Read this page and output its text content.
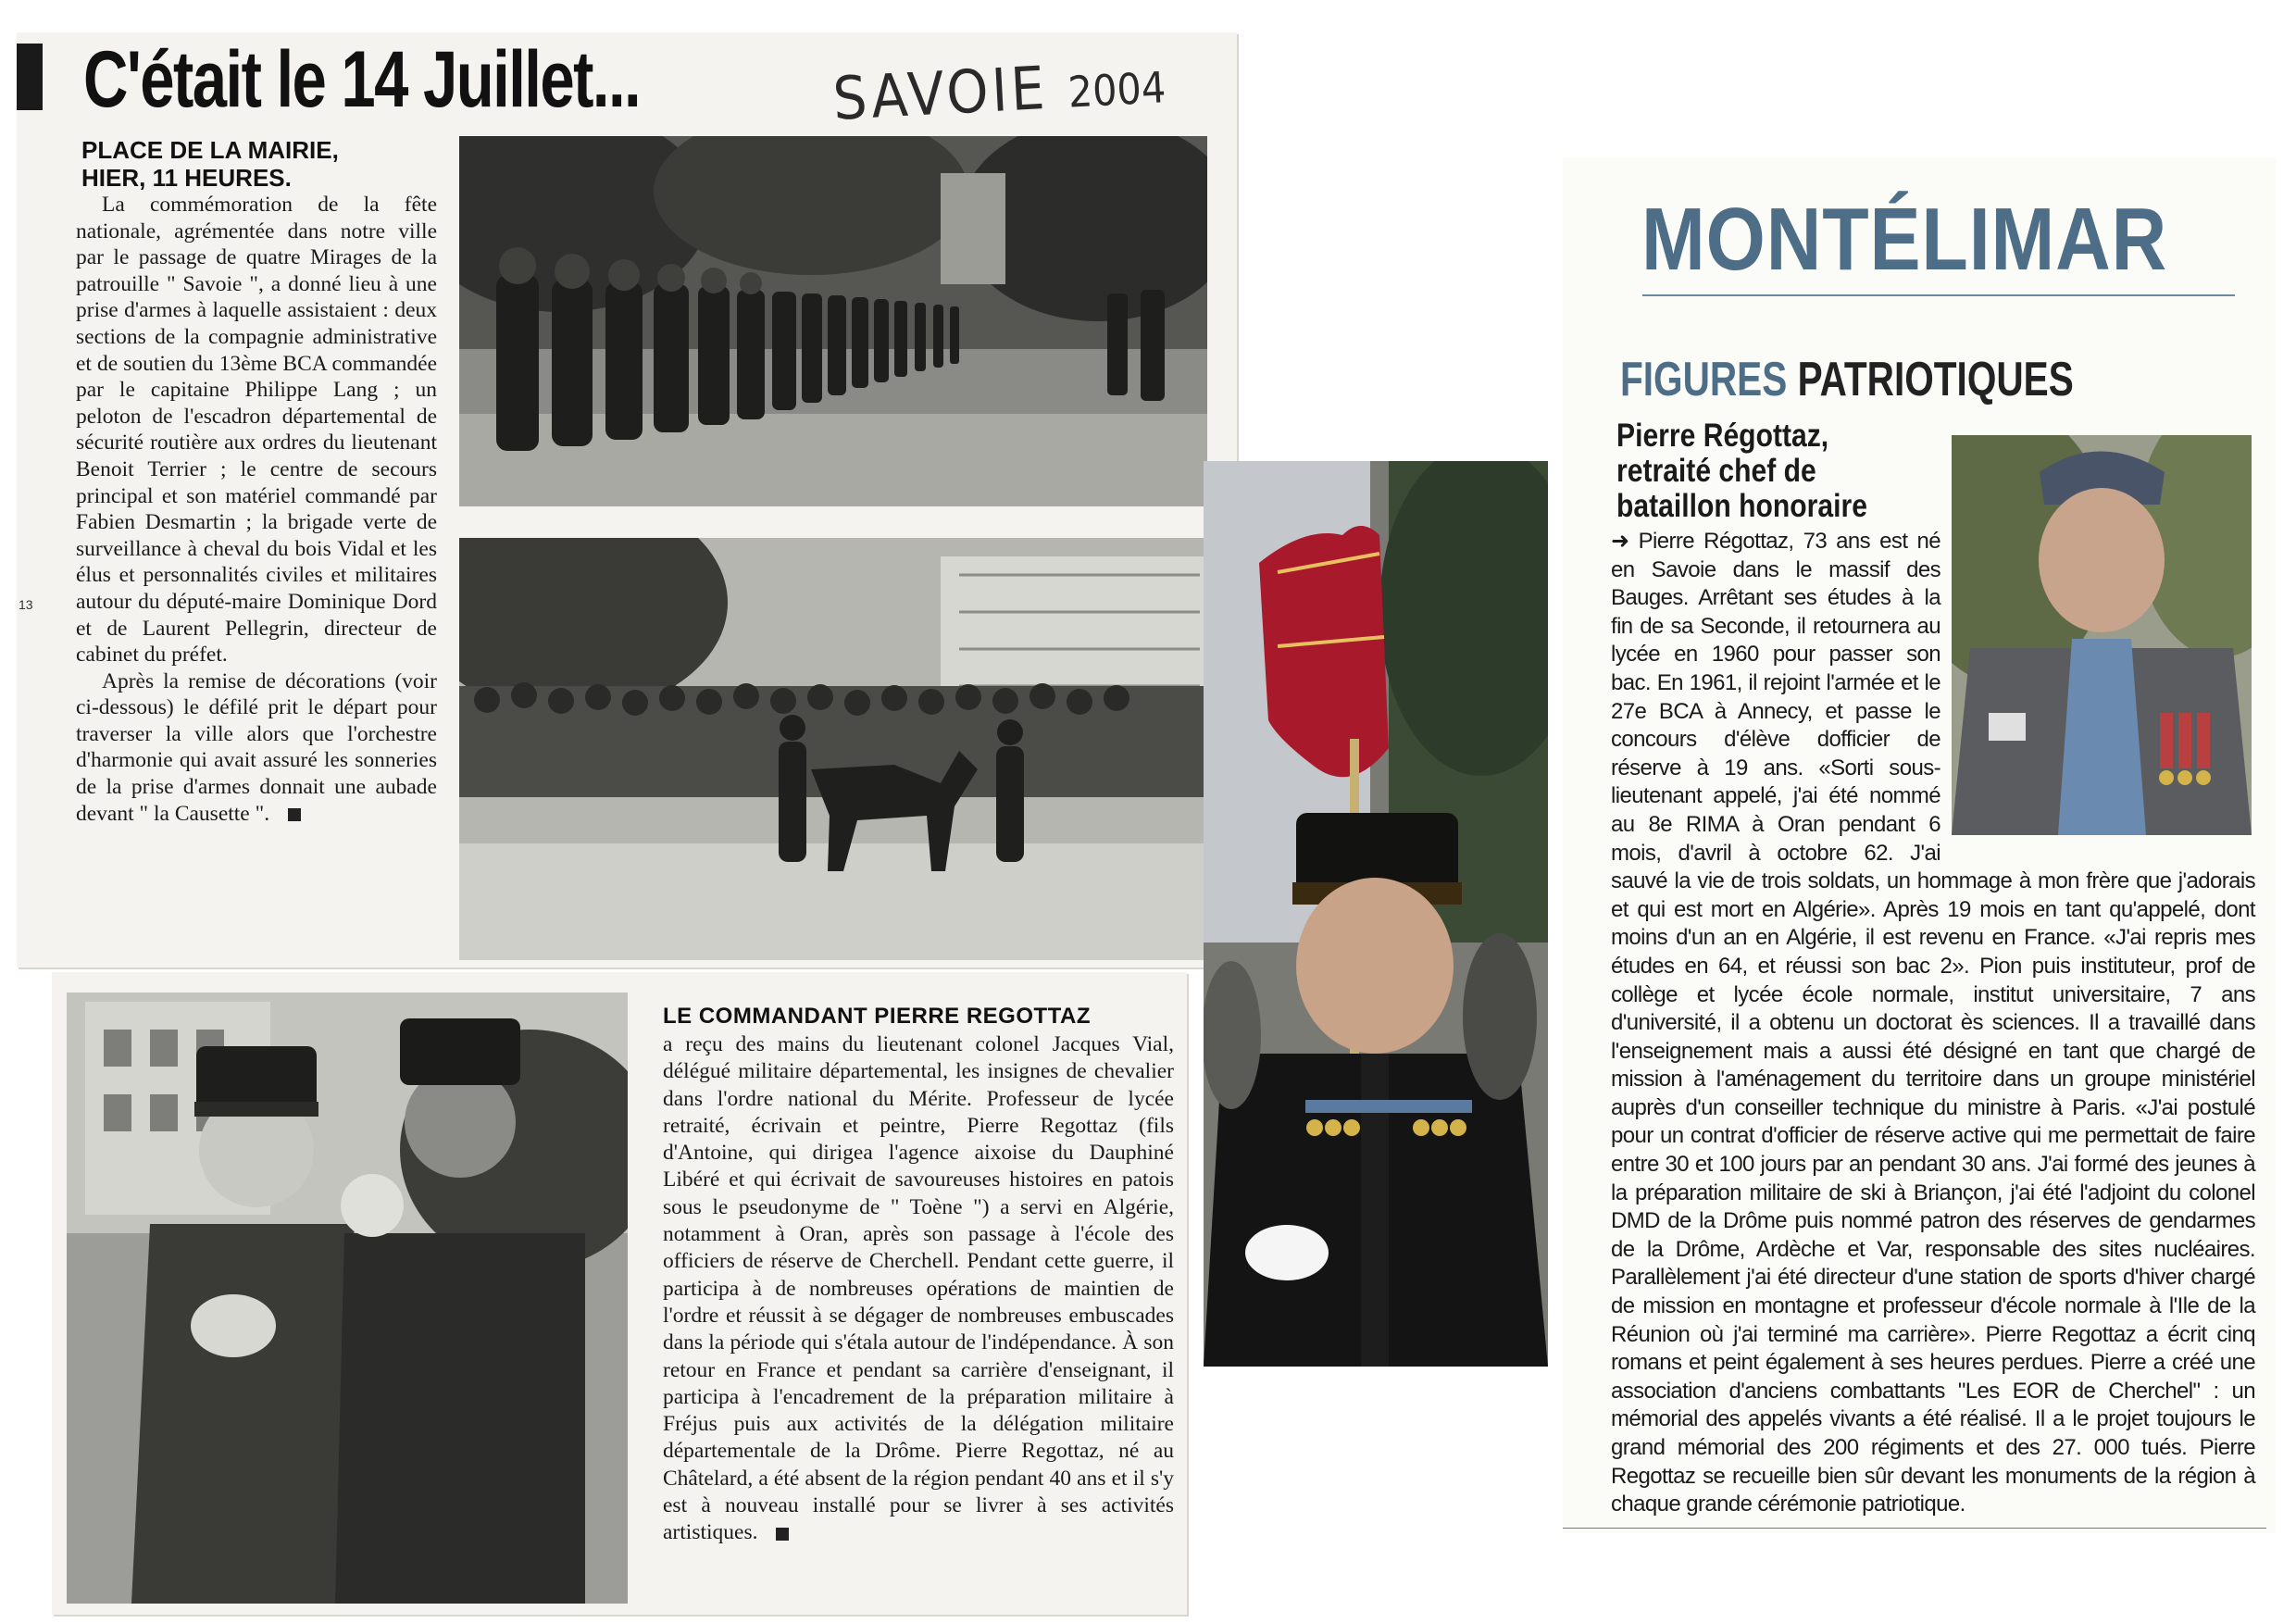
C'était le 14 Juillet...	SAVOIE 2004
PLACE DE LA MAIRIE,
HIER, 11 HEURES.

La commémoration de la fête nationale, agrémentée dans notre ville par le passage de quatre Mirages de la patrouille " Savoie ", a donné lieu à une prise d'armes à laquelle assistaient : deux sections de la compagnie administrative et de soutien du 13ème BCA commandée par le capitaine Philippe Lang ; un peloton de l'escadron départemental de sécurité routière aux ordres du lieutenant Benoit Terrier ; le centre de secours principal et son matériel commandé par Fabien Desmartin ; la brigade verte de surveillance à cheval du bois Vidal et les élus et personnalités civiles et militaires autour du député-maire Dominique Dord et de Laurent Pellegrin, directeur de cabinet du préfet.

Après la remise de décorations (voir ci-dessous) le défilé prit le départ pour traverser la ville alors que l'orchestre d'harmonie qui avait assuré les sonneries de la prise d'armes donnait une aubade devant " la Causette ".

13
LE COMMANDANT PIERRE REGOTTAZ

a reçu des mains du lieutenant colonel Jacques Vial, délégué militaire départemental, les insignes de chevalier dans l'ordre national du Mérite. Professeur de lycée retraité, écrivain et peintre, Pierre Regottaz (fils d'Antoine, qui dirigea l'agence aixoise du Dauphiné Libéré et qui écrivait de savoureuses histoires en patois sous le pseudonyme de " Toène ") a servi en Algérie, notamment à Oran, après son passage à l'école des officiers de réserve de Cherchell. Pendant cette guerre, il participa à de nombreuses opérations de maintien de l'ordre et réussit à se dégager de nombreuses embuscades dans la période qui s'étala autour de l'indépendance. À son retour en France et pendant sa carrière d'enseignant, il participa à l'encadrement de la préparation militaire à Fréjus puis aux activités de la délégation militaire départementale de la Drôme. Pierre Regottaz, né au Châtelard, a été absent de la région pendant 40 ans et il s'y est à nouveau installé pour se livrer à ses activités artistiques.

MONTÉLIMAR
FIGURES PATRIOTIQUES
Pierre Régottaz,
retraité chef de
bataillon honoraire

➜ Pierre Régottaz, 73 ans est né en Savoie dans le massif des Bauges. Arrêtant ses études à la fin de sa Seconde, il retournera au lycée en 1960 pour passer son bac. En 1961, il rejoint l'armée et le 27e BCA à Annecy, et passe le concours d'élève dofficier de réserve à 19 ans. «Sorti sous-lieutenant appelé, j'ai été nommé au 8e RIMA à Oran pendant 6 mois, d'avril à octobre 62. J'ai sauvé la vie de trois soldats, un hommage à mon frère que j'adorais et qui est mort en Algérie». Après 19 mois en tant qu'appelé, dont moins d'un an en Algérie, il est revenu en France. «J'ai repris mes études en 64, et réussi son bac 2». Pion puis instituteur, prof de collège et lycée école normale, institut universitaire, 7 ans d'université, il a obtenu un doctorat ès sciences. Il a travaillé dans l'enseignement mais a aussi été désigné en tant que chargé de mission à l'aménagement du territoire dans un groupe ministériel auprès d'un conseiller technique du ministre à Paris. «J'ai postulé pour un contrat d'officier de réserve active qui me permettait de faire entre 30 et 100 jours par an pendant 30 ans. J'ai formé des jeunes à la préparation militaire de ski à Briançon, j'ai été l'adjoint du colonel DMD de la Drôme puis nommé patron des réserves de gendarmes de la Drôme, Ardèche et Var, responsable des sites nucléaires. Parallèlement j'ai été directeur d'une station de sports d'hiver chargé de mission en montagne et professeur d'école normale à l'Ile de la Réunion où j'ai terminé ma carrière». Pierre Regottaz a écrit cinq romans et peint également à ses heures perdues. Pierre a créé une association d'anciens combattants "Les EOR de Cherchel" : un mémorial des appelés vivants a été réalisé. Il a le projet toujours le grand mémorial des 200 régiments et des 27. 000 tués. Pierre Regottaz se recueille bien sûr devant les monuments de la région à chaque grande cérémonie patriotique.
